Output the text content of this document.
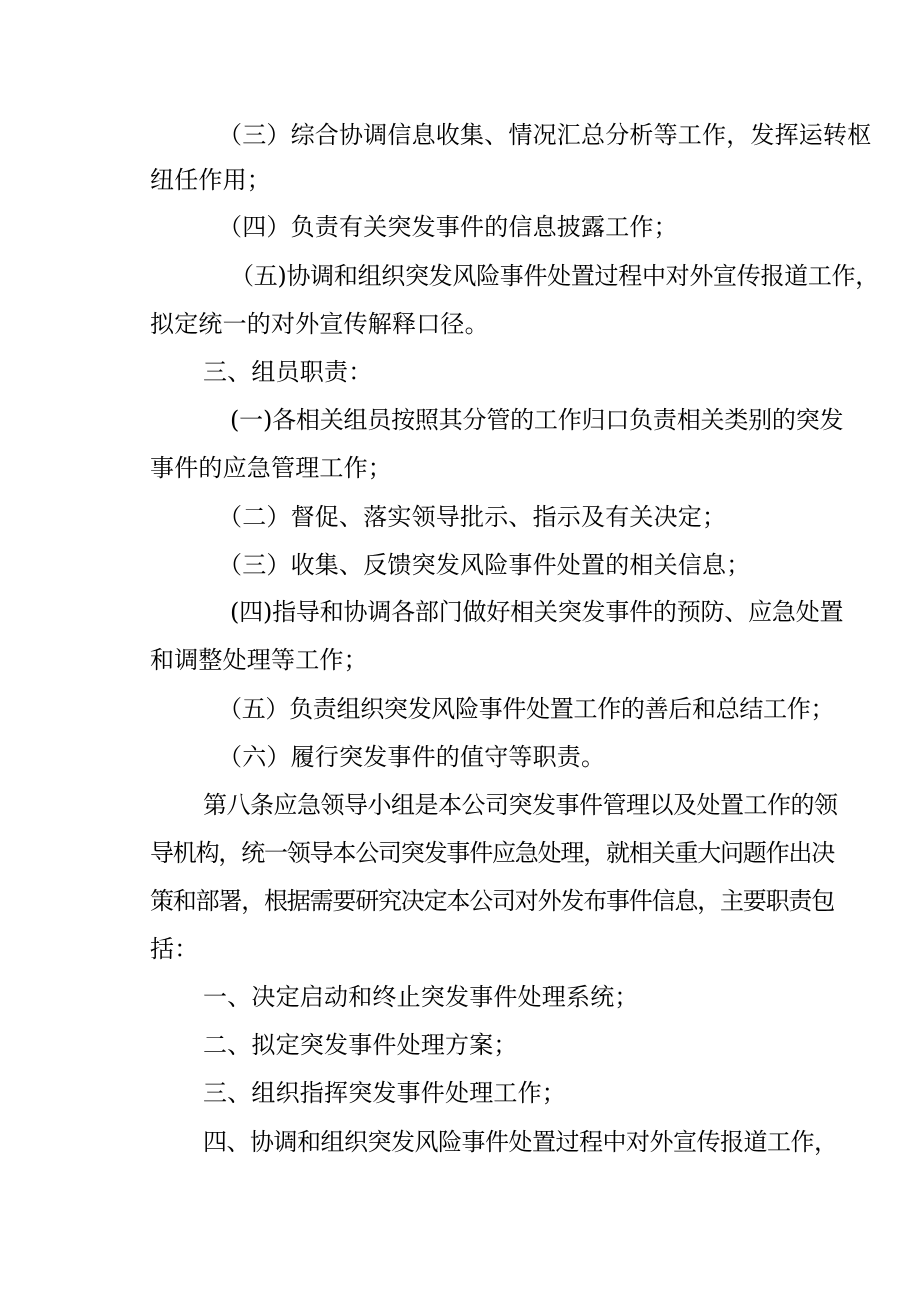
（三）综合协调信息收集、情况汇总分析等工作，发挥运转枢
纽任作用；
（四）负责有关突发事件的信息披露工作；
（五)协调和组织突发风险事件处置过程中对外宣传报道工作，
拟定统一的对外宣传解释口径。
三、组员职责：
(一)各相关组员按照其分管的工作归口负责相关类别的突发
事件的应急管理工作；
（二）督促、落实领导批示、指示及有关决定；
（三）收集、反馈突发风险事件处置的相关信息；
(四)指导和协调各部门做好相关突发事件的预防、应急处置
和调整处理等工作；
（五）负责组织突发风险事件处置工作的善后和总结工作；
（六）履行突发事件的值守等职责。
第八条应急领导小组是本公司突发事件管理以及处置工作的领
导机构，统一领导本公司突发事件应急处理，就相关重大问题作出决
策和部署，根据需要研究决定本公司对外发布事件信息，主要职责包
括：
一、决定启动和终止突发事件处理系统；
二、拟定突发事件处理方案；
三、组织指挥突发事件处理工作；
四、协调和组织突发风险事件处置过程中对外宣传报道工作，
